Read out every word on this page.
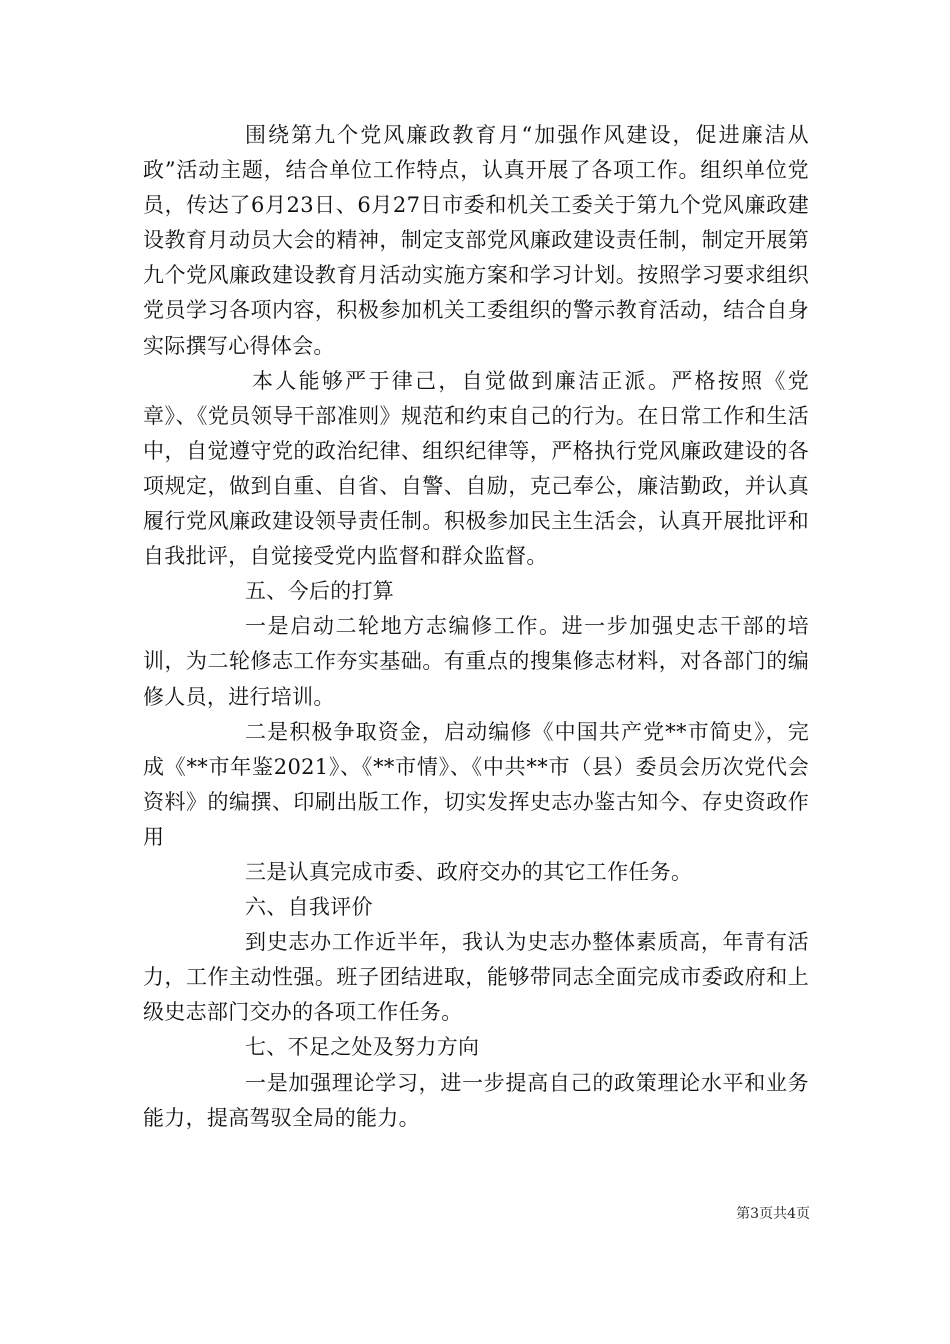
围绕第九个党风廉政教育月“加强作风建设，促进廉洁从政”活动主题，结合单位工作特点，认真开展了各项工作。组织单位党员，传达了6月23日、6月27日市委和机关工委关于第九个党风廉政建设教育月动员大会的精神，制定支部党风廉政建设责任制，制定开展第九个党风廉政建设教育月活动实施方案和学习计划。按照学习要求组织党员学习各项内容，积极参加机关工委组织的警示教育活动，结合自身实际撰写心得体会。

本人能够严于律己，自觉做到廉洁正派。严格按照《党章》、《党员领导干部准则》规范和约束自己的行为。在日常工作和生活中，自觉遵守党的政治纪律、组织纪律等，严格执行党风廉政建设的各项规定，做到自重、自省、自警、自励，克己奉公，廉洁勤政，并认真履行党风廉政建设领导责任制。积极参加民主生活会，认真开展批评和自我批评，自觉接受党内监督和群众监督。

五、今后的打算

一是启动二轮地方志编修工作。进一步加强史志干部的培训，为二轮修志工作夯实基础。有重点的搜集修志材料，对各部门的编修人员，进行培训。

二是积极争取资金，启动编修《中国共产党**市简史》，完成《**市年鉴2021》、《**市情》、《中共**市（县）委员会历次党代会资料》的编撰、印刷出版工作，切实发挥史志办鉴古知今、存史资政作用

三是认真完成市委、政府交办的其它工作任务。

六、自我评价

到史志办工作近半年，我认为史志办整体素质高，年青有活力，工作主动性强。班子团结进取，能够带同志全面完成市委政府和上级史志部门交办的各项工作任务。

七、不足之处及努力方向

一是加强理论学习，进一步提高自己的政策理论水平和业务能力，提高驾驭全局的能力。

第3页共4页
